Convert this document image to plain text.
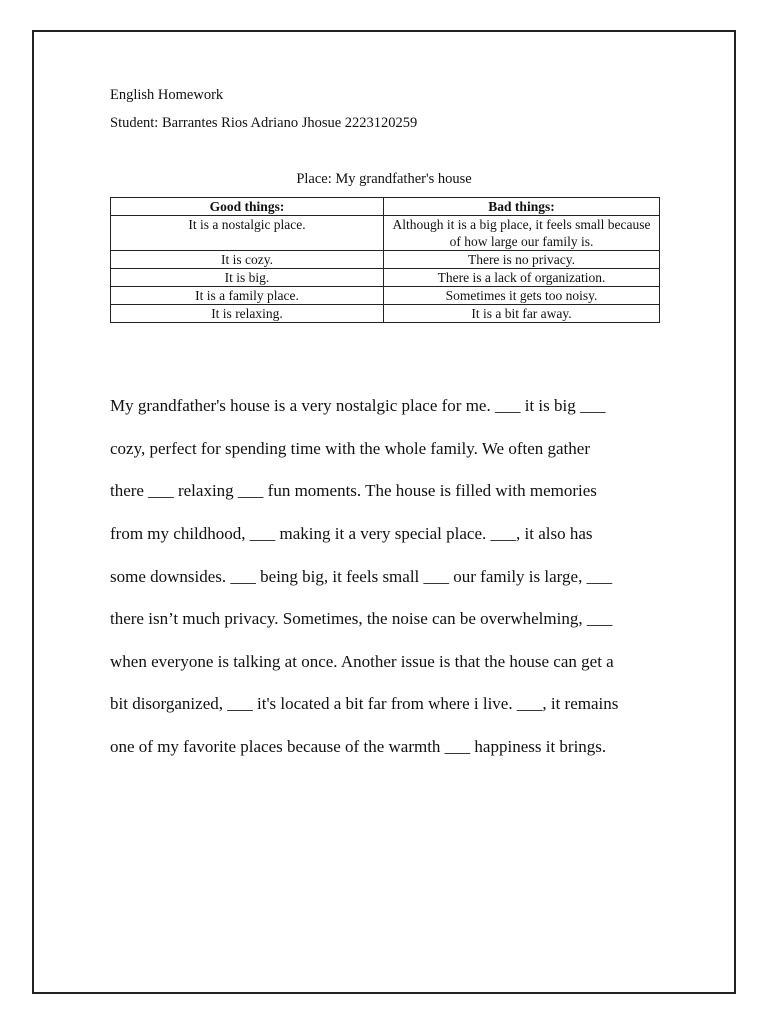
English Homework
Student: Barrantes Rios Adriano Jhosue 2223120259
Place: My grandfather's house
Good things:	Bad things:
It is a nostalgic place.	Although it is a big place, it feels small because of how large our family is.
It is cozy.	There is no privacy.
It is big.	There is a lack of organization.
It is a family place.	Sometimes it gets too noisy.
It is relaxing.	It is a bit far away.

My grandfather's house is a very nostalgic place for me. ___ it is big ___

cozy, perfect for spending time with the whole family. We often gather

there ___ relaxing ___ fun moments. The house is filled with memories

from my childhood, ___ making it a very special place. ___, it also has

some downsides. ___ being big, it feels small ___ our family is large, ___

there isn’t much privacy. Sometimes, the noise can be overwhelming, ___

when everyone is talking at once. Another issue is that the house can get a

bit disorganized, ___ it's located a bit far from where i live. ___, it remains

one of my favorite places because of the warmth ___ happiness it brings.
